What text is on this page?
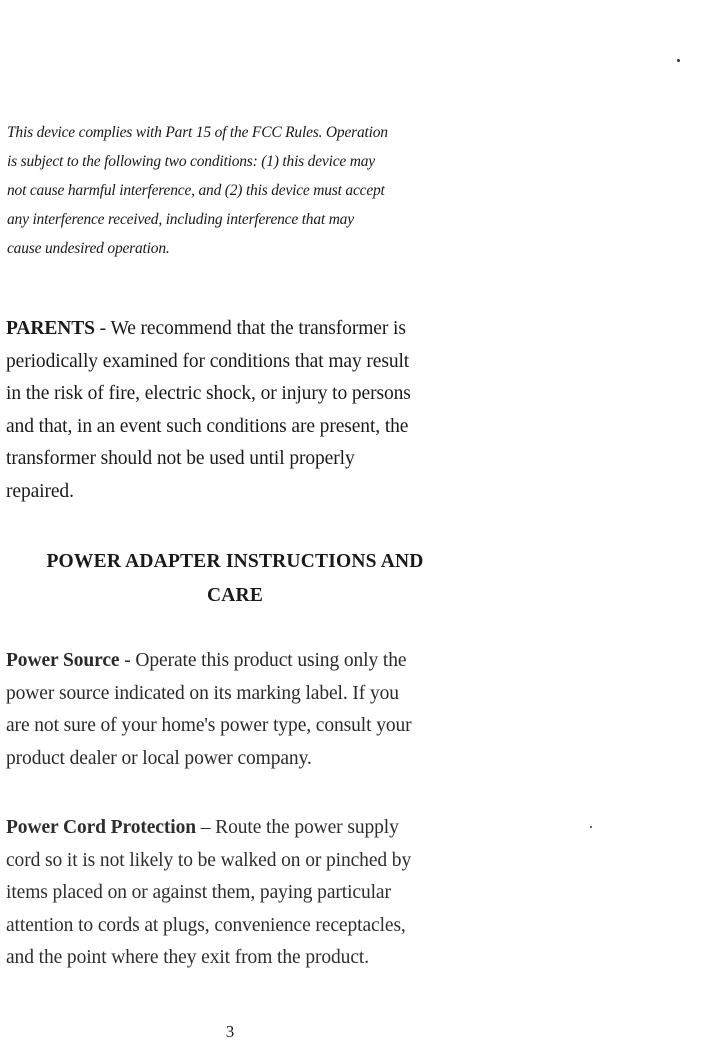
This device complies with Part 15 of the FCC Rules. Operation

is subject to the following two conditions: (1) this device may

not cause harmful interference, and (2) this device must accept

any interference received, including interference that may

cause undesired operation.

PARENTS - We recommend that the transformer is

periodically examined for conditions that may result

in the risk of fire, electric shock, or injury to persons

and that, in an event such conditions are present, the

transformer should not be used until properly

repaired.

POWER ADAPTER INSTRUCTIONS AND

CARE

Power Source - Operate this product using only the

power source indicated on its marking label. If you

are not sure of your home's power type, consult your

product dealer or local power company.

Power Cord Protection – Route the power supply

cord so it is not likely to be walked on or pinched by

items placed on or against them, paying particular

attention to cords at plugs, convenience receptacles,

and the point where they exit from the product.

3
